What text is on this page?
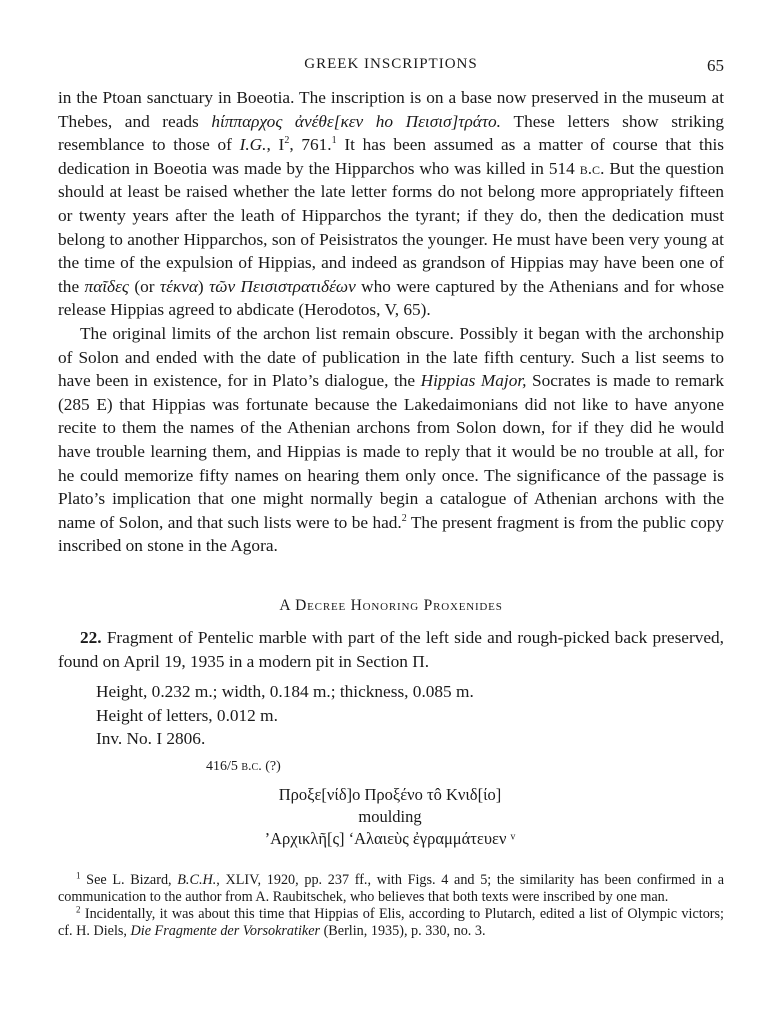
GREEK INSCRIPTIONS	65

in the Ptoan sanctuary in Boeotia. The inscription is on a base now preserved in the museum at Thebes, and reads hίππαρχος ἀνέθε[κεν hο Πεισισ]τράτο. These letters show striking resemblance to those of I.G., $I^2$, 761.$^1$ It has been assumed as a matter of course that this dedication in Boeotia was made by the Hipparchos who was killed in 514 b.c. But the question should at least be raised whether the late letter forms do not belong more appropriately fifteen or twenty years after the leath of Hipparchos the tyrant; if they do, then the dedication must belong to another Hipparchos, son of Peisistratos the younger. He must have been very young at the time of the expulsion of Hippias, and indeed as grandson of Hippias may have been one of the παῖδες (or τέκνα) τῶν Πεισιστρατιδέων who were captured by the Athenians and for whose release Hippias agreed to abdicate (Herodotos, V, 65).

The original limits of the archon list remain obscure. Possibly it began with the archonship of Solon and ended with the date of publication in the late fifth century. Such a list seems to have been in existence, for in Plato’s dialogue, the Hippias Major, Socrates is made to remark (285 E) that Hippias was fortunate because the Lakedaimonians did not like to have anyone recite to them the names of the Athenian archons from Solon down, for if they did he would have trouble learning them, and Hippias is made to reply that it would be no trouble at all, for he could memorize fifty names on hearing them only once. The significance of the passage is Plato’s implication that one might normally begin a catalogue of Athenian archons with the name of Solon, and that such lists were to be had.$^2$ The present fragment is from the public copy inscribed on stone in the Agora.

A Decree Honoring Proxenides

22. Fragment of Pentelic marble with part of the left side and rough-picked back preserved, found on April 19, 1935 in a modern pit in Section Π.

Height, 0.232 m.; width, 0.184 m.; thickness, 0.085 m.
Height of letters, 0.012 m.
Inv. No. I 2806.
416/5 b.c. (?)
Προξε[νίδ]ο Προξένο τô Κνιδ[ίο]
moulding
’Αρχικλῆ[ς] ‘Αλαιεὺς ἐγραμμάτευεν ᵛ

$^1$ See L. Bizard, B.C.H., XLIV, 1920, pp. 237 ff., with Figs. 4 and 5; the similarity has been confirmed in a communication to the author from A. Raubitschek, who believes that both texts were inscribed by one man.

$^2$ Incidentally, it was about this time that Hippias of Elis, according to Plutarch, edited a list of Olympic victors; cf. H. Diels, Die Fragmente der Vorsokratiker (Berlin, 1935), p. 330, no. 3.
